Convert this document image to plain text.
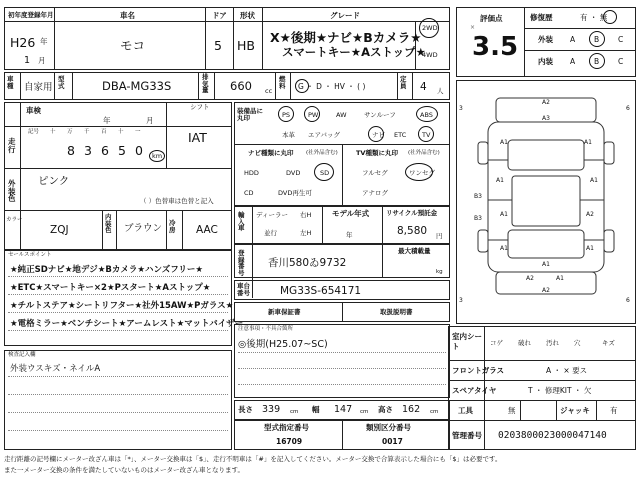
初年度登録年月	車名	ドア 形状	グレード
H26 年
1 月
モコ	5 HB
X★後期★ナビ★Bカメラ★
スマートキー★Aストップ★
2WD
4WD
車種 自家用
型式	DBA-MG33S
排気量 660 cc
燃料 G ・ D ・ HV ・ ( )
定員 4 人
車検
年	月
シフト
IAT
走行
記号 十 万 千 百 十 一
8 3 6 5 0 km
外装色
ピンク
（ ）色替車は色替と記入
カラー
ZQJ
内装色 ブラウン 冷房 AAC
装備品に丸印	PS	PW	AW	サンルーフ	ABS
本革 エアバッグ	ナビ ETC TV
ナビ種類に丸印 (社外品含む)
HDD	DVD	SD
CD	DVD再生可
TV種類に丸印 (社外品含む)
フルセグ	ワンセグ
アナログ
輸入車
ディーラー 右H
並行	左H
モデル年式
年
リサイクル預託金
8,580 円
登録番号
香川580ゐ9732
最大積載量
kg
車台番号	MG33S-654171
新車保証書	取扱説明書
セールスポイント
★純正SDナビ★地デジ★Bカメラ★ハンズフリー★
★ETC★スマートキー×2★Pスタート★Aストップ★
★チルトステア★シートリフター★社外15AW★Pガラス★
★電格ミラー★ベンチシート★アームレスト★マットバイザー
検査記入欄
外装ウスキズ・ネイルA
注意事項・不具合箇所
◎後期(H25.07~SC)
長さ 339 cm 幅 147 cm 高さ 162 cm
型式指定番号
16709
類別区分番号
0017
評価点
3.5
修復歴	有 ・ 無
外装 A	B	C
内装 A	B	C
×
3	6
3	6
A2
A3
A1	A1
A1	A1
A1	A2
B3
A1	A1
A1
A2	A1
A2
B3
室内シート	コゲ 破れ 汚れ 穴	キズ
フロントガラス	A ・ × 要ス
スペアタイヤ	T ・ 修理KIT ・ 欠
工具	無	ジャッキ	有
管理番号 0203800023000047140
走行距離の記号欄にメーター改ざん車は「*」、メーター交換車は「$」、走行不明車は「#」を記入してください。メーター交換で合算表示した場合にも「$」は必要です。
また一メーター交換の条件を満たしていないものはメーター改ざん車となります。
